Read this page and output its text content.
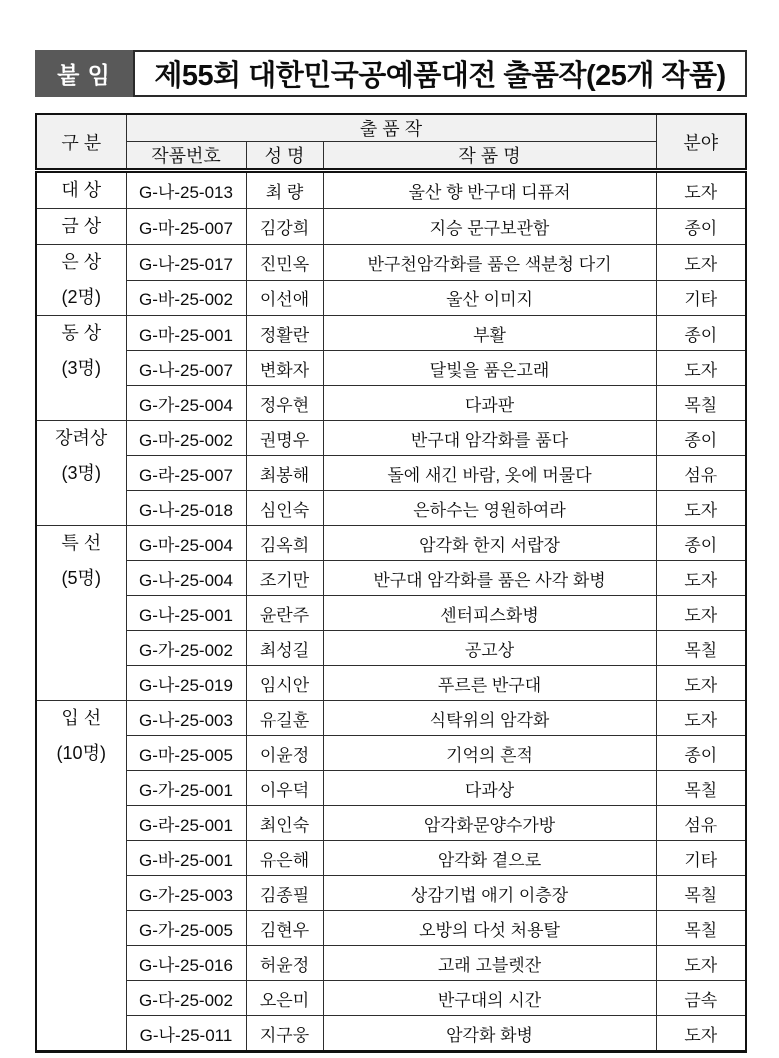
붙 임	제55회 대한민국공예품대전 출품작(25개 작품)
구 분	출 품 작			분야
	작품번호	성 명	작 품 명	

대 상	G-나-25-013	최 량	울산 향 반구대 디퓨저	도자

금 상	G-마-25-007	김강희	지승 문구보관함	종이

은 상
(2명)	G-나-25-017	진민옥	반구천암각화를 품은 색분청 다기	도자
	G-바-25-002	이선애	울산 이미지	기타

동 상
(3명)	G-마-25-001	정활란	부활	종이
	G-나-25-007	변화자	달빛을 품은고래	도자
	G-가-25-004	정우현	다과판	목칠

장려상
(3명)	G-마-25-002	권명우	반구대 암각화를 품다	종이
	G-라-25-007	최봉해	돌에 새긴 바람, 옷에 머물다	섬유
	G-나-25-018	심인숙	은하수는 영원하여라	도자

특 선
(5명)	G-마-25-004	김옥희	암각화 한지 서랍장	종이
	G-나-25-004	조기만	반구대 암각화를 품은 사각 화병	도자
	G-나-25-001	윤란주	센터피스화병	도자
	G-가-25-002	최성길	공고상	목칠
	G-나-25-019	임시안	푸르른 반구대	도자

입 선
(10명)	G-나-25-003	유길훈	식탁위의 암각화	도자
	G-마-25-005	이윤정	기억의 흔적	종이
	G-가-25-001	이우덕	다과상	목칠
	G-라-25-001	최인숙	암각화문양수가방	섬유
	G-바-25-001	유은해	암각화 곁으로	기타
	G-가-25-003	김종필	상감기법 애기 이층장	목칠
	G-가-25-005	김현우	오방의 다섯 처용탈	목칠
	G-나-25-016	허윤정	고래 고블렛잔	도자
	G-다-25-002	오은미	반구대의 시간	금속
	G-나-25-011	지구웅	암각화 화병	도자
